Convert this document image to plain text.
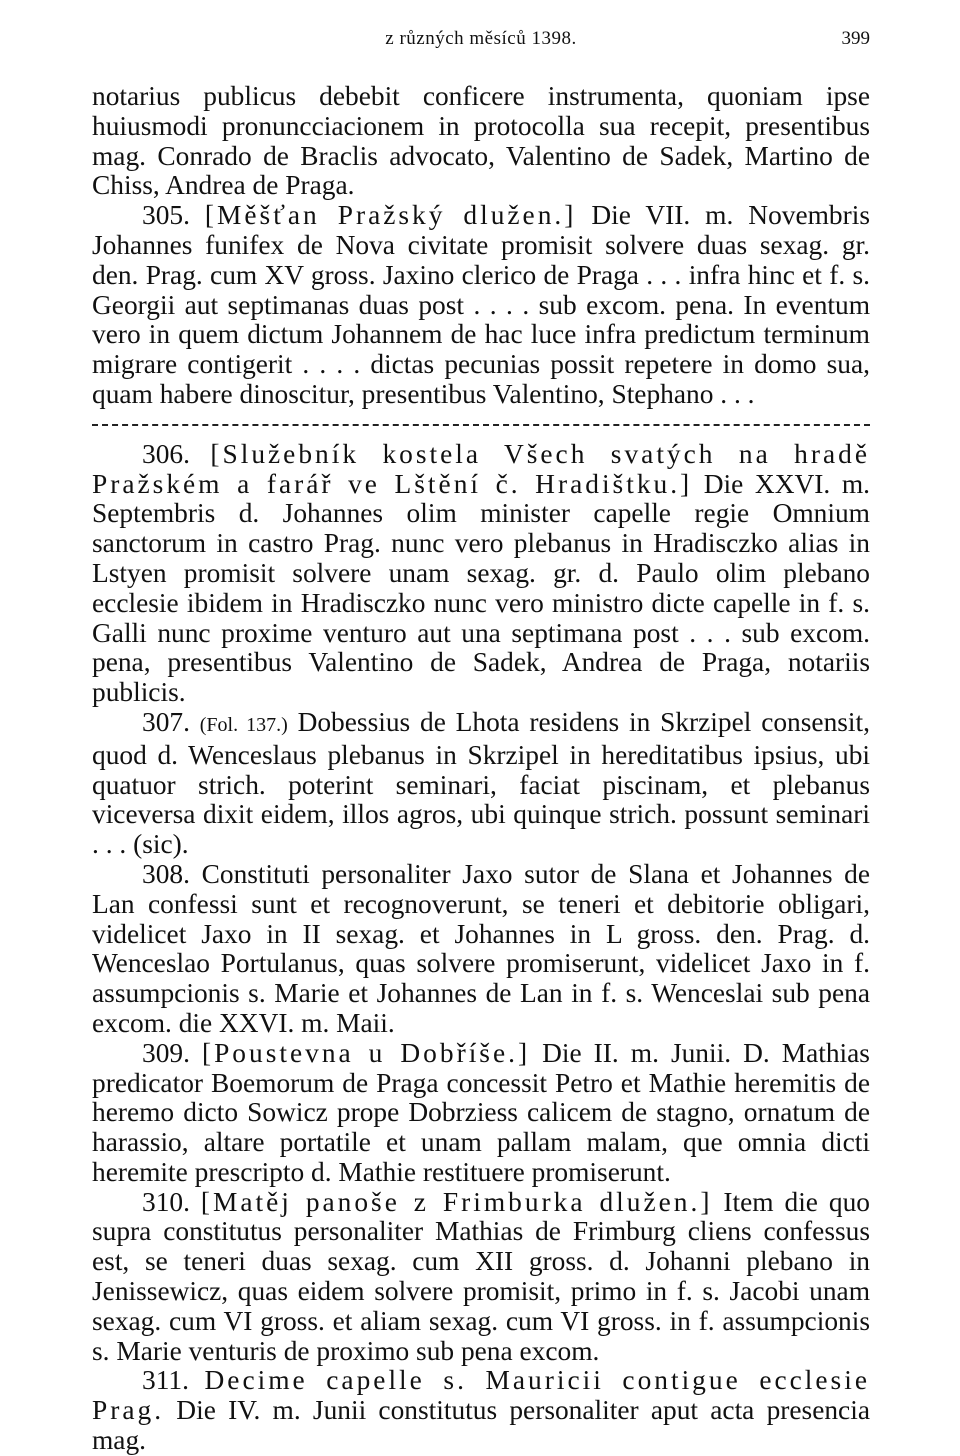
z různých měsíců 1398.	399

notarius publicus debebit conficere instrumenta, quoniam ipse huiusmodi pronuncciacionem in protocolla sua recepit, presentibus mag. Conrado de Braclis advocato, Valentino de Sadek, Martino de Chiss, Andrea de Praga.

305. [Měšťan Pražský dlužen.] Die VII. m. Novembris Johannes funifex de Nova civitate promisit solvere duas sexag. gr. den. Prag. cum XV gross. Jaxino clerico de Praga . . . infra hinc et f. s. Georgii aut septimanas duas post . . . . sub excom. pena. In eventum vero in quem dictum Johannem de hac luce infra predictum terminum migrare contigerit . . . . dictas pecunias possit repetere in domo sua, quam habere dinoscitur, presentibus Valentino, Stephano . . .

306. [Služebník kostela Všech svatých na hradě Pražském a farář ve Lštění č. Hradištku.] Die XXVI. m. Septembris d. Johannes olim minister capelle regie Omnium sanctorum in castro Prag. nunc vero plebanus in Hradisczko alias in Lstyen promisit solvere unam sexag. gr. d. Paulo olim plebano ecclesie ibidem in Hradisczko nunc vero ministro dicte capelle in f. s. Galli nunc proxime venturo aut una septimana post . . . sub excom. pena, presentibus Valentino de Sadek, Andrea de Praga, notariis publicis.

307. (Fol. 137.) Dobessius de Lhota residens in Skrzipel consensit, quod d. Wenceslaus plebanus in Skrzipel in hereditatibus ipsius, ubi quatuor strich. poterint seminari, faciat piscinam, et plebanus viceversa dixit eidem, illos agros, ubi quinque strich. possunt seminari . . . (sic).

308. Constituti personaliter Jaxo sutor de Slana et Johannes de Lan confessi sunt et recognoverunt, se teneri et debitorie obligari, videlicet Jaxo in II sexag. et Johannes in L gross. den. Prag. d. Wenceslao Portulanus, quas solvere promiserunt, videlicet Jaxo in f. assumpcionis s. Marie et Johannes de Lan in f. s. Wenceslai sub pena excom. die XXVI. m. Maii.

309. [Poustevna u Dobříše.] Die II. m. Junii. D. Mathias predicator Boemorum de Praga concessit Petro et Mathie heremitis de heremo dicto Sowicz prope Dobrziess calicem de stagno, ornatum de harassio, altare portatile et unam pallam malam, que omnia dicti heremite prescripto d. Mathie restituere promiserunt.

310. [Matěj panoše z Frimburka dlužen.] Item die quo supra constitutus personaliter Mathias de Frimburg cliens confessus est, se teneri duas sexag. cum XII gross. d. Johanni plebano in Jenissewicz, quas eidem solvere promisit, primo in f. s. Jacobi unam sexag. cum VI gross. et aliam sexag. cum VI gross. in f. assumpcionis s. Marie venturis de proximo sub pena excom.

311. Decime capelle s. Mauricii contigue ecclesie Prag. Die IV. m. Junii constitutus personaliter aput acta presencia mag.
